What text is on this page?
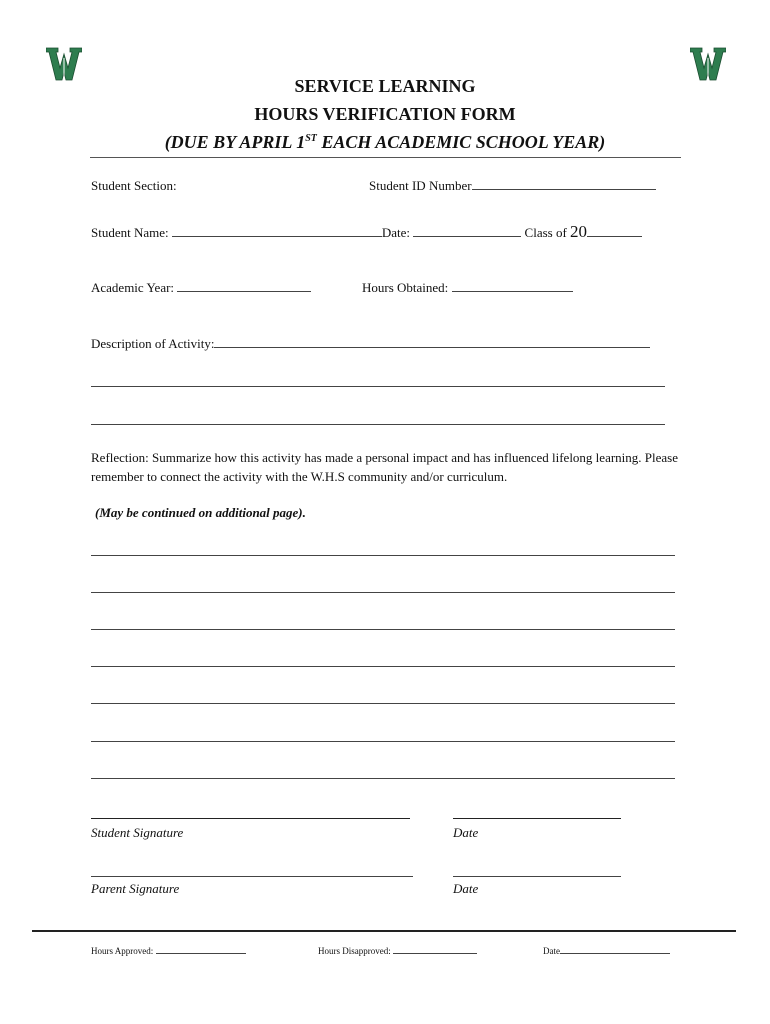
SERVICE LEARNING
HOURS VERIFICATION FORM
(DUE BY APRIL 1ST EACH ACADEMIC SCHOOL YEAR)
Student Section:	Student ID Number
Student Name:	Date:	Class of 20
Academic Year:	Hours Obtained:
Description of Activity:
Reflection: Summarize how this activity has made a personal impact and has influenced lifelong learning. Please remember to connect the activity with the W.H.S community and/or curriculum.
(May be continued on additional page).
Student Signature	Date
Parent Signature	Date
Hours Approved:	Hours Disapproved:	Date
